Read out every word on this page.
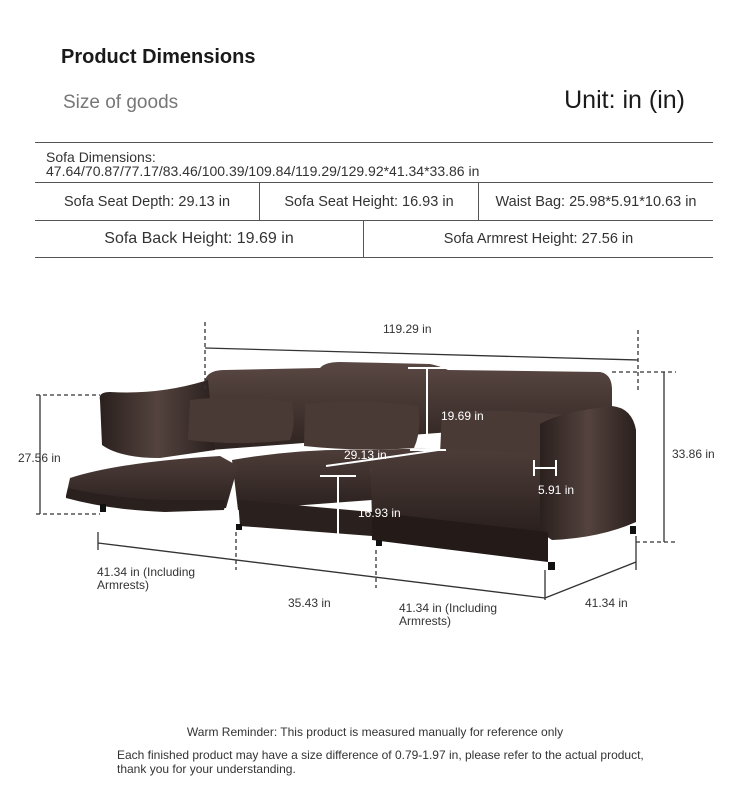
Product Dimensions
Size of goods	Unit: in (in)
Sofa Dimensions:
47.64/70.87/77.17/83.46/100.39/109.84/119.29/129.92*41.34*33.86 in
Sofa Seat Depth: 29.13 in	Sofa Seat Height: 16.93 in	Waist Bag: 25.98*5.91*10.63 in
Sofa Back Height: 19.69 in	Sofa Armrest Height: 27.56 in
119.29 in
19.69 in
29.13 in
16.93 in
27.56 in	33.86 in
5.91 in
41.34 in (Including
Armrests)
35.43 in	41.34 in (Including
Armrests)
41.34 in
Warm Reminder: This product is measured manually for reference only
Each finished product may have a size difference of 0.79-1.97 in, please refer to the actual product,
thank you for your understanding.
